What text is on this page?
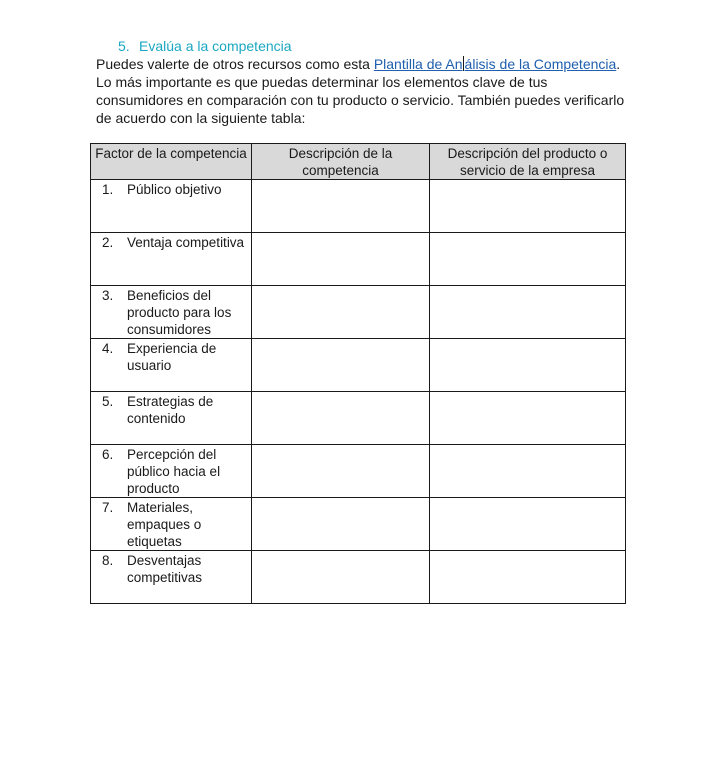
5. Evalúa a la competencia

Puedes valerte de otros recursos como esta Plantilla de An álisis de la Competencia. Lo más importante es que puedas determinar los elementos clave de tus consumidores en comparación con tu producto o servicio. También puedes verificarlo de acuerdo con la siguiente tabla:

Factor de la competencia	Descripción de la competencia	Descripción del producto o servicio de la empresa

1. Público objetivo		

2. Ventaja competitiva		

3. Beneficios del producto para los consumidores		

4. Experiencia de usuario		

5. Estrategias de contenido		

6. Percepción del público hacia el producto		

7. Materiales, empaques o etiquetas		

8. Desventajas competitivas		
